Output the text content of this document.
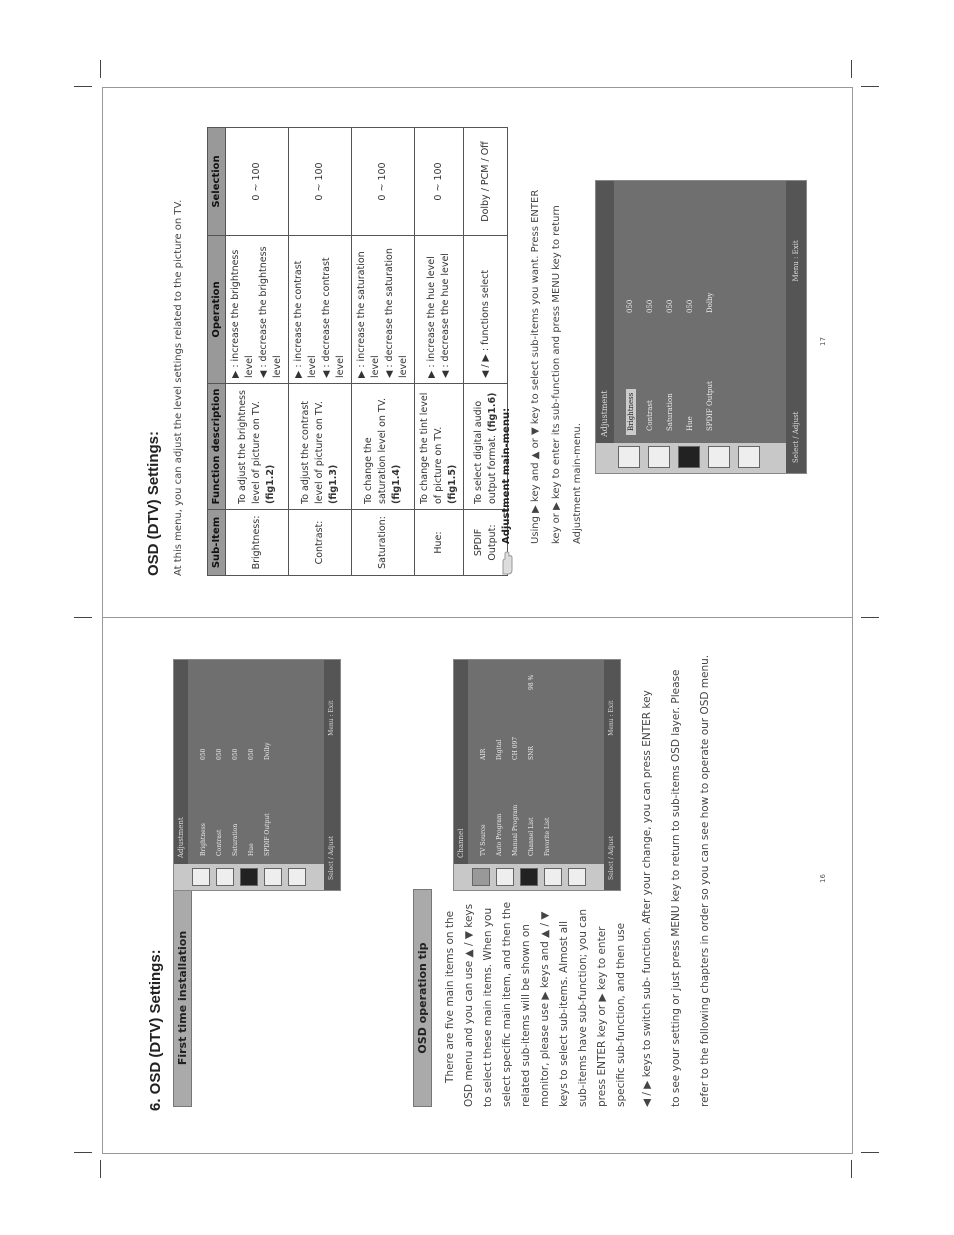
6. OSD (DTV) Settings: First time installation
Adjustment	Brightness Contrast Saturation Hue SPDIF Output
050 050 050 050 Dolby
Select / AdjustMenu : Exit
OSD operation tip There are five main items on the OSD menu and you can use ▲ / ▼ keys to select these main items. When you select specific main item, and then the related sub-items will be shown on monitor, please use ▶ keys and ▲ / ▼ keys to select sub-items. Almost all sub-items have sub-function; you can press ENTER key or ▶ key to enter specific sub-function, and then use

Channel	TV Source Auto Program Manual Program Channel List Favorite List
AIR Digital CH 097 SNR
98 %
Select / AdjustMenu : Exit	◀ / ▶ keys to switch sub- function. After your change, you can press ENTER key	to see your setting or just press MENU key to return to sub-items OSD layer. Please	refer to the following chapters in order so you can see how to operate our OSD menu.	16
OSD (DTV) Settings: At this menu, you can adjust the level settings related to the picture on TV.	Sub-Item	Function description	Operation	Selection
Brightness:	To adjust the brightness level of picture on TV. (fig1.2)	▶ : increase the brightness level ◀ : decrease the brightness level	0 ~ 100
Contrast:	To adjust the contrast level of picture on TV. (fig1.3)	▶ : increase the contrast level ◀ : decrease the contrast level	0 ~ 100
Saturation:	To change the saturation level on TV. (fig1.4)	▶ : increase the saturation level ◀ : decrease the saturation level	0 ~ 100
Hue:	To change the tint level of picture on TV. (fig1.5)	▶ : increase the hue level ◀ : decrease the hue level	0 ~ 100
SPDIF Output:	To select digital audio output format. (fig1.6)	◀ / ▶ : functions select	Dolby / PCM / Off
Adjustment main-menu:	Using ▶ key and ▲ or ▼ key to select sub-items you want. Press ENTER	key or ▶ key to enter its sub-function and press MENU key to return	Adjustment main-menu.

Adjustment	Brightness Contrast Saturation Hue SPDIF Output
050 050 050 050 Dolby
Select / AdjustMenu : Exit
17
